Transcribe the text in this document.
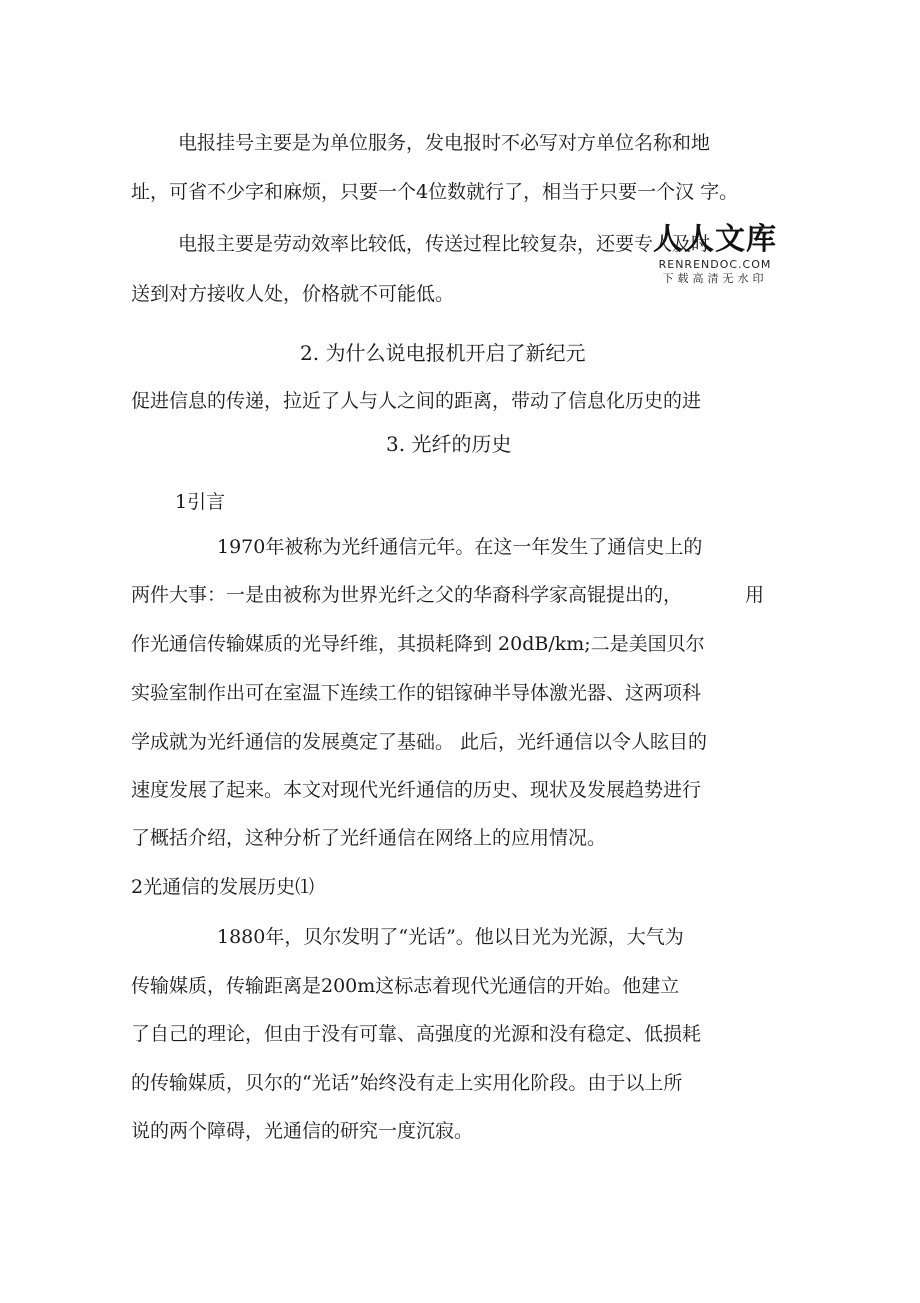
电报挂号主要是为单位服务，发电报时不必写对方单位名称和地
址，可省不少字和麻烦，只要一个4位数就行了，相当于只要一个汉 字。
电报主要是劳动效率比较低，传送过程比较复杂，还要专人及时
送到对方接收人处，价格就不可能低。
人人文库
RENRENDOC.COM
下载高清无水印
2. 为什么说电报机开启了新纪元
促进信息的传递，拉近了人与人之间的距离，带动了信息化历史的进
3. 光纤的历史
1引言
1970年被称为光纤通信元年。在这一年发生了通信史上的
两件大事：一是由被称为世界光纤之父的华裔科学家高锟提出的，	用
作光通信传输媒质的光导纤维，其损耗降到 20dB/km;二是美国贝尔
实验室制作出可在室温下连续工作的铝镓砷半导体激光器、这两项科
学成就为光纤通信的发展奠定了基础。 此后，光纤通信以令人眩目的
速度发展了起来。本文对现代光纤通信的历史、现状及发展趋势进行
了概括介绍，这种分析了光纤通信在网络上的应用情况。
2光通信的发展历史⑴
1880年，贝尔发明了“光话”。他以日光为光源，大气为
传输媒质，传输距离是200m这标志着现代光通信的开始。他建立
了自己的理论，但由于没有可靠、高强度的光源和没有稳定、低损耗
的传输媒质，贝尔的“光话”始终没有走上实用化阶段。由于以上所
说的两个障碍，光通信的研究一度沉寂。
